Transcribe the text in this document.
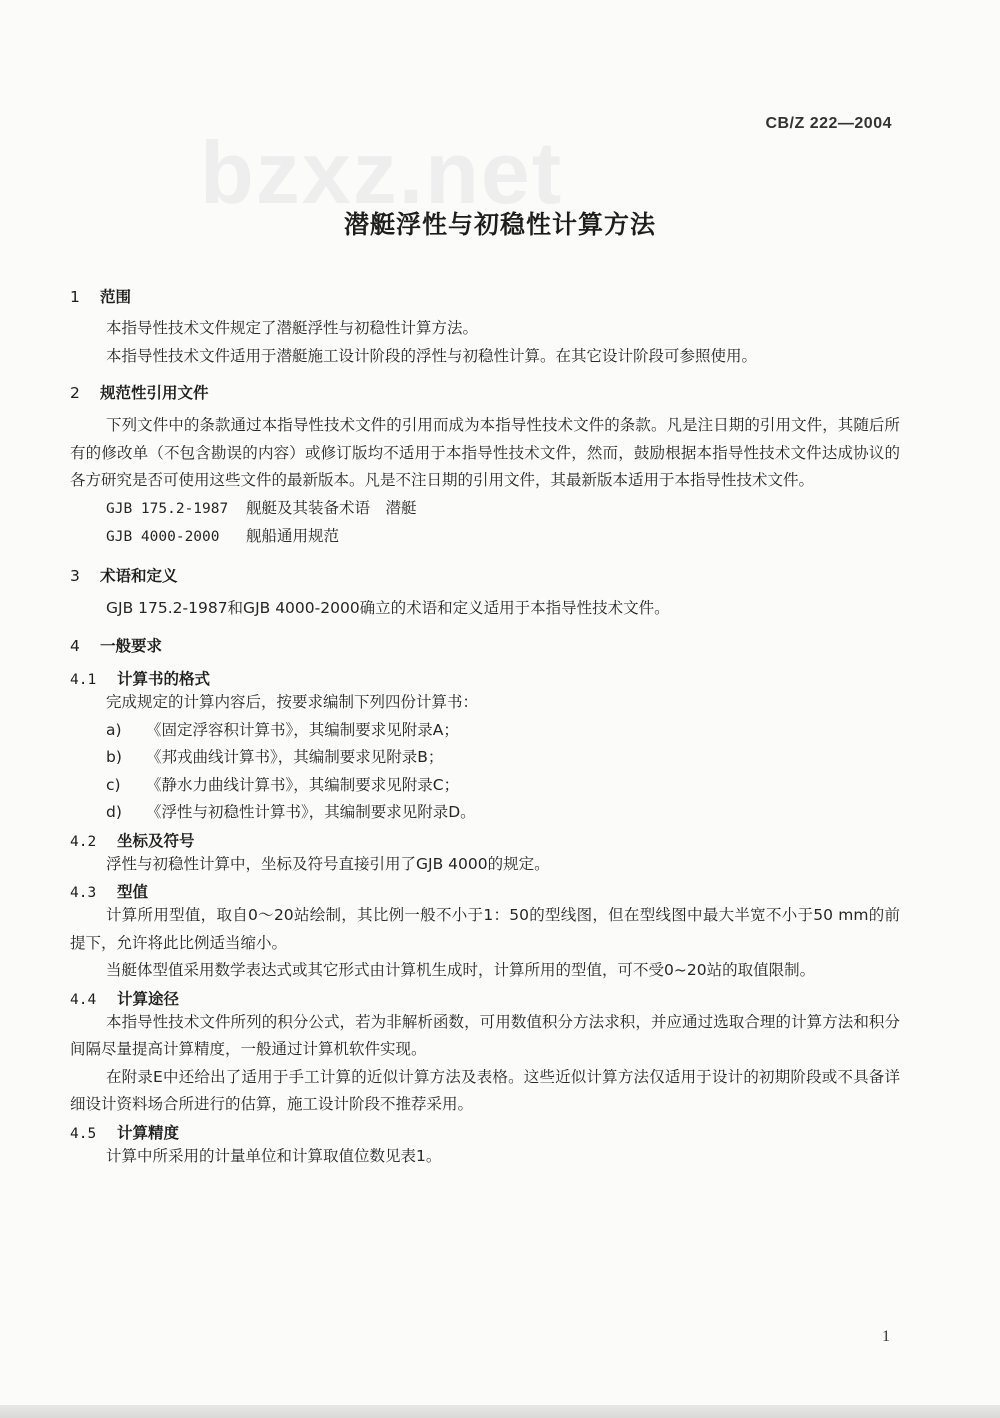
bzxz.net	CB/Z 222—2004
潜艇浮性与初稳性计算方法
1	范围
本指导性技术文件规定了潜艇浮性与初稳性计算方法。
本指导性技术文件适用于潜艇施工设计阶段的浮性与初稳性计算。在其它设计阶段可参照使用。
2	规范性引用文件
下列文件中的条款通过本指导性技术文件的引用而成为本指导性技术文件的条款。凡是注日期的引用文件，其随后所有的修改单（不包含勘误的内容）或修订版均不适用于本指导性技术文件，然而，鼓励根据本指导性技术文件达成协议的各方研究是否可使用这些文件的最新版本。凡是不注日期的引用文件，其最新版本适用于本指导性技术文件。
GJB 175.2-1987 舰艇及其装备术语　潜艇
GJB 4000-2000 舰船通用规范
3	术语和定义
GJB 175.2-1987和GJB 4000-2000确立的术语和定义适用于本指导性技术文件。
4	一般要求
4.1	计算书的格式
完成规定的计算内容后，按要求编制下列四份计算书：
a) 《固定浮容积计算书》，其编制要求见附录A；
b) 《邦戎曲线计算书》，其编制要求见附录B；
c) 《静水力曲线计算书》，其编制要求见附录C；
d) 《浮性与初稳性计算书》，其编制要求见附录D。
4.2	坐标及符号
浮性与初稳性计算中，坐标及符号直接引用了GJB 4000的规定。
4.3	型值
计算所用型值，取自0～20站绘制，其比例一般不小于1：50的型线图，但在型线图中最大半宽不小于50 mm的前提下，允许将此比例适当缩小。
当艇体型值采用数学表达式或其它形式由计算机生成时，计算所用的型值，可不受0~20站的取值限制。
4.4	计算途径
本指导性技术文件所列的积分公式，若为非解析函数，可用数值积分方法求积，并应通过选取合理的计算方法和积分间隔尽量提高计算精度，一般通过计算机软件实现。
在附录E中还给出了适用于手工计算的近似计算方法及表格。这些近似计算方法仅适用于设计的初期阶段或不具备详细设计资料场合所进行的估算，施工设计阶段不推荐采用。
4.5	计算精度
计算中所采用的计量单位和计算取值位数见表1。
1
